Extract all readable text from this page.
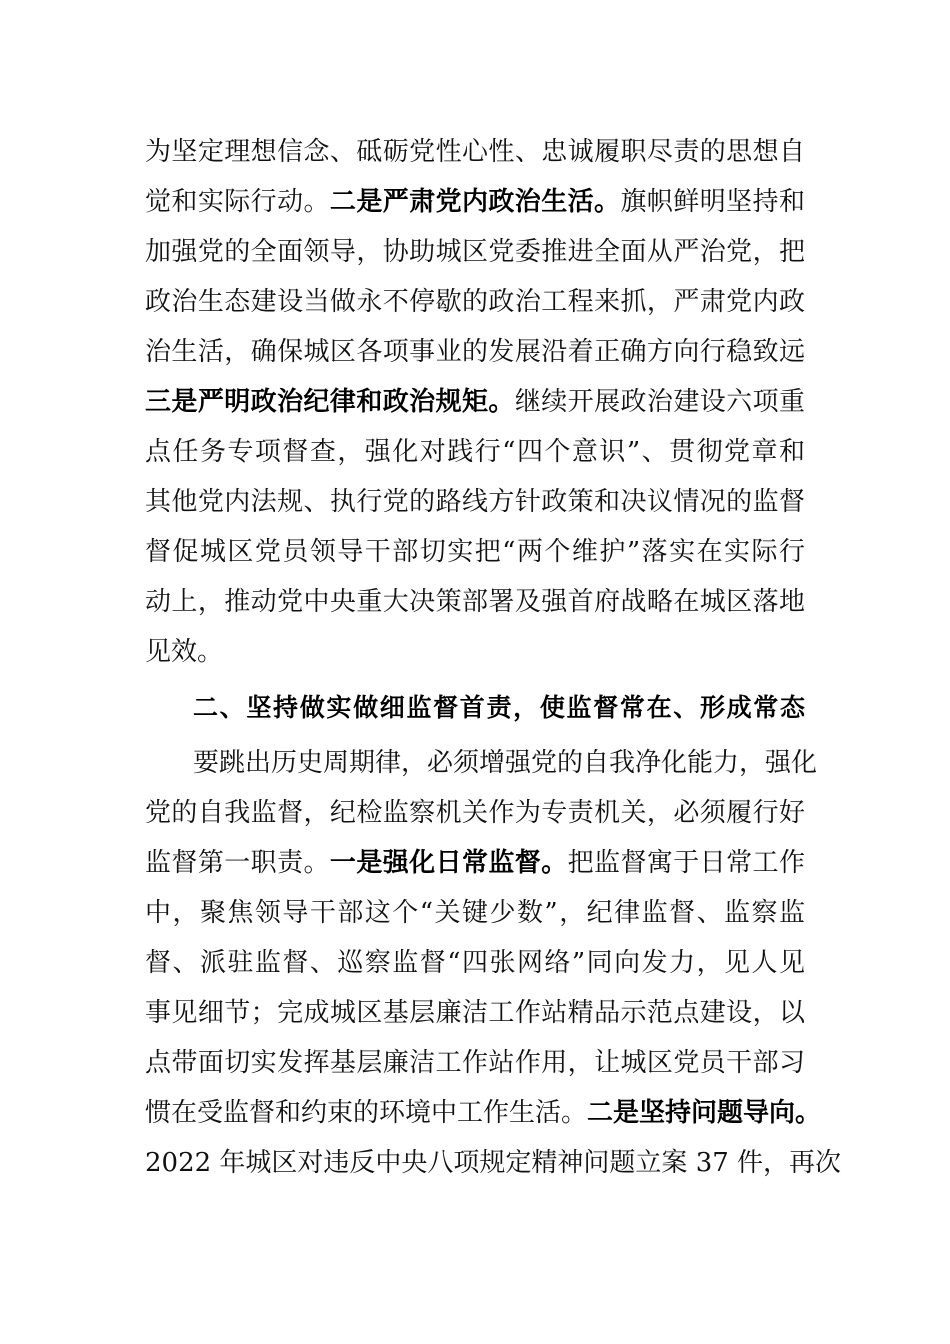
为坚定理想信念、砥砺党性心性、忠诚履职尽责的思想自
觉和实际行动。二是严肃党内政治生活。旗帜鲜明坚持和
加强党的全面领导，协助城区党委推进全面从严治党，把
政治生态建设当做永不停歇的政治工程来抓，严肃党内政
治生活，确保城区各项事业的发展沿着正确方向行稳致远
三是严明政治纪律和政治规矩。继续开展政治建设六项重
点任务专项督查，强化对践行“四个意识”、贯彻党章和
其他党内法规、执行党的路线方针政策和决议情况的监督
督促城区党员领导干部切实把“两个维护”落实在实际行
动上，推动党中央重大决策部署及强首府战略在城区落地
见效。
二、坚持做实做细监督首责，使监督常在、形成常态
要跳出历史周期律，必须增强党的自我净化能力，强化
党的自我监督，纪检监察机关作为专责机关，必须履行好
监督第一职责。一是强化日常监督。把监督寓于日常工作
中，聚焦领导干部这个“关键少数”，纪律监督、监察监
督、派驻监督、巡察监督“四张网络”同向发力，见人见
事见细节；完成城区基层廉洁工作站精品示范点建设，以
点带面切实发挥基层廉洁工作站作用，让城区党员干部习
惯在受监督和约束的环境中工作生活。二是坚持问题导向。
2022 年城区对违反中央八项规定精神问题立案 37 件，再次
